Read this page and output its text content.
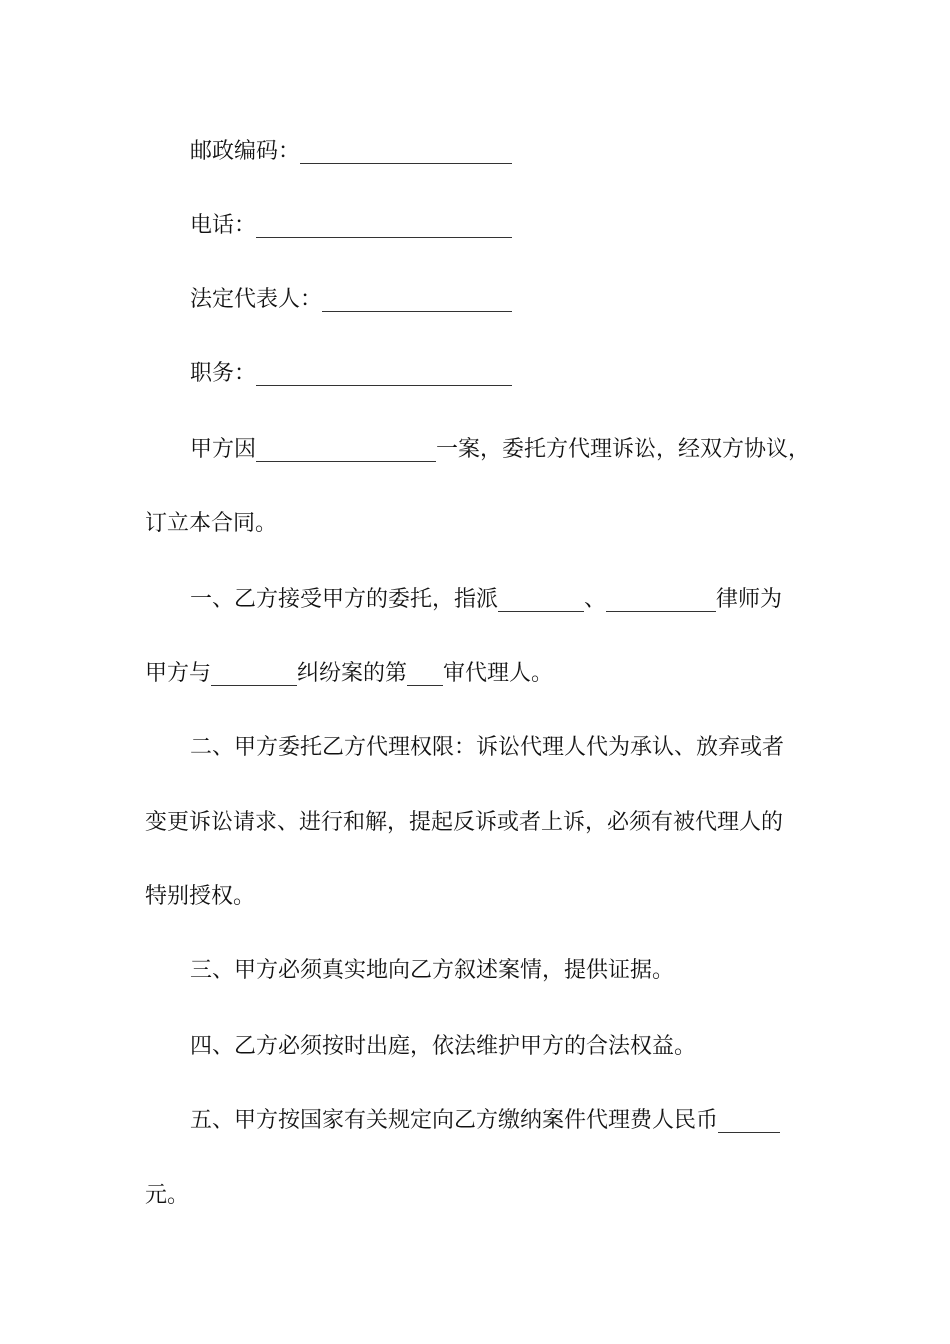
邮政编码：
电话：
法定代表人：
职务：
甲方因	一案，委托方代理诉讼，经双方协议，
订立本合同。
一、乙方接受甲方的委托，指派	、	律师为
甲方与	纠纷案的第 审代理人。
二、甲方委托乙方代理权限：诉讼代理人代为承认、放弃或者
变更诉讼请求、进行和解，提起反诉或者上诉，必须有被代理人的
特别授权。
三、甲方必须真实地向乙方叙述案情，提供证据。
四、乙方必须按时出庭，依法维护甲方的合法权益。
五、甲方按国家有关规定向乙方缴纳案件代理费人民币
元。
